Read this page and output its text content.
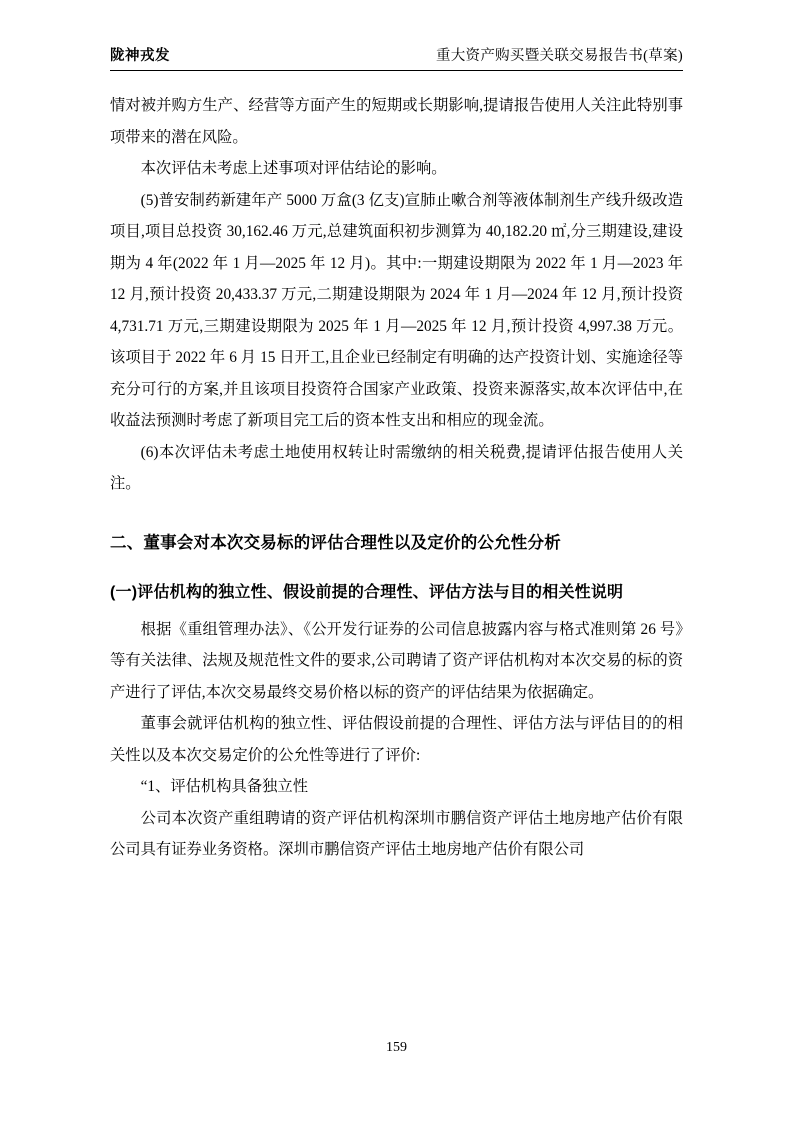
陇神戎发	重大资产购买暨关联交易报告书(草案)

情对被并购方生产、经营等方面产生的短期或长期影响,提请报告使用人关注此特别事项带来的潜在风险。

本次评估未考虑上述事项对评估结论的影响。

(5)普安制药新建年产 5000 万盒(3 亿支)宣肺止嗽合剂等液体制剂生产线升级改造项目,项目总投资 30,162.46 万元,总建筑面积初步测算为 40,182.20 ㎡,分三期建设,建设期为 4 年(2022 年 1 月—2025 年 12 月)。其中:一期建设期限为 2022 年 1 月—2023 年 12 月,预计投资 20,433.37 万元,二期建设期限为 2024 年 1 月—2024 年 12 月,预计投资 4,731.71 万元,三期建设期限为 2025 年 1 月—2025 年 12 月,预计投资 4,997.38 万元。该项目于 2022 年 6 月 15 日开工,且企业已经制定有明确的达产投资计划、实施途径等充分可行的方案,并且该项目投资符合国家产业政策、投资来源落实,故本次评估中,在收益法预测时考虑了新项目完工后的资本性支出和相应的现金流。

(6)本次评估未考虑土地使用权转让时需缴纳的相关税费,提请评估报告使用人关注。

二、董事会对本次交易标的评估合理性以及定价的公允性分析
(一)评估机构的独立性、假设前提的合理性、评估方法与目的相关性说明

根据《重组管理办法》、《公开发行证券的公司信息披露内容与格式准则第 26 号》等有关法律、法规及规范性文件的要求,公司聘请了资产评估机构对本次交易的标的资产进行了评估,本次交易最终交易价格以标的资产的评估结果为依据确定。

董事会就评估机构的独立性、评估假设前提的合理性、评估方法与评估目的的相关性以及本次交易定价的公允性等进行了评价:

“1、评估机构具备独立性

公司本次资产重组聘请的资产评估机构深圳市鹏信资产评估土地房地产估价有限公司具有证券业务资格。深圳市鹏信资产评估土地房地产估价有限公司

159
